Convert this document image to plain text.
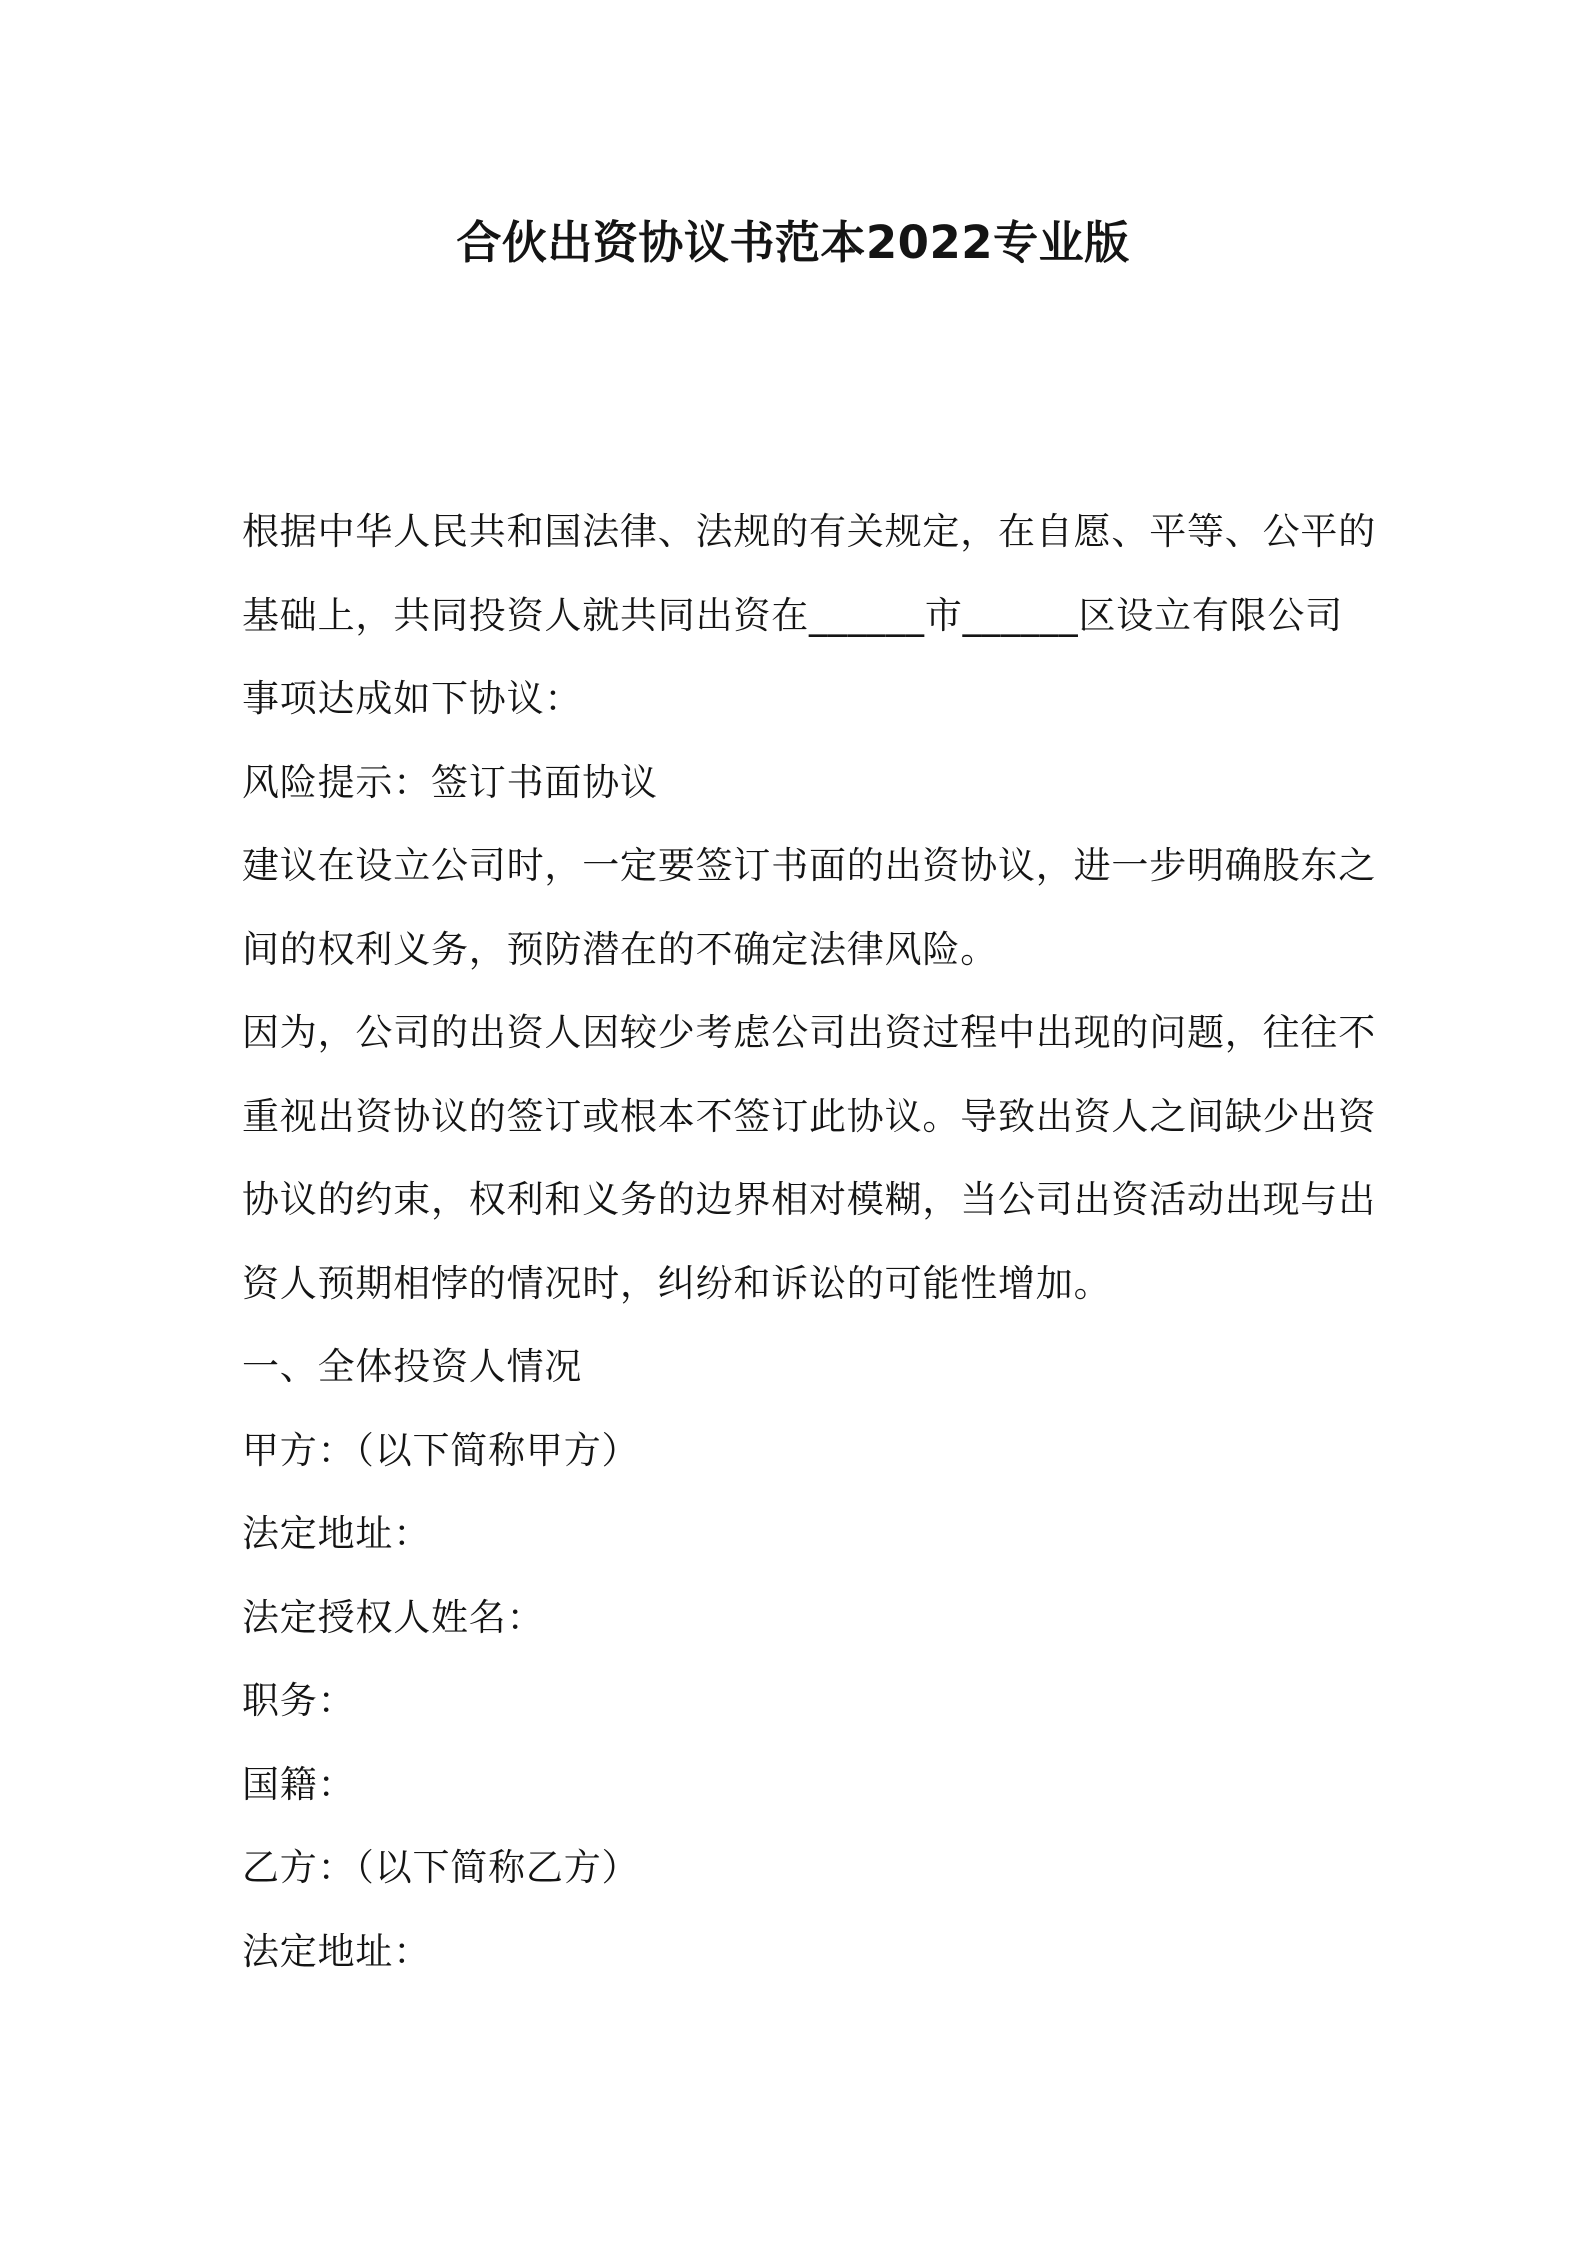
合伙出资协议书范本2022专业版

根据中华人民共和国法律、法规的有关规定，在自愿、平等、公平的

基础上，共同投资人就共同出资在______市______区设立有限公司

事项达成如下协议：

风险提示：签订书面协议

建议在设立公司时，一定要签订书面的出资协议，进一步明确股东之

间的权利义务，预防潜在的不确定法律风险。

因为，公司的出资人因较少考虑公司出资过程中出现的问题，往往不

重视出资协议的签订或根本不签订此协议。导致出资人之间缺少出资

协议的约束，权利和义务的边界相对模糊，当公司出资活动出现与出

资人预期相悖的情况时，纠纷和诉讼的可能性增加。

一、全体投资人情况

甲方：（以下简称甲方）

法定地址：

法定授权人姓名：

职务：

国籍：

乙方：（以下简称乙方）

法定地址：
